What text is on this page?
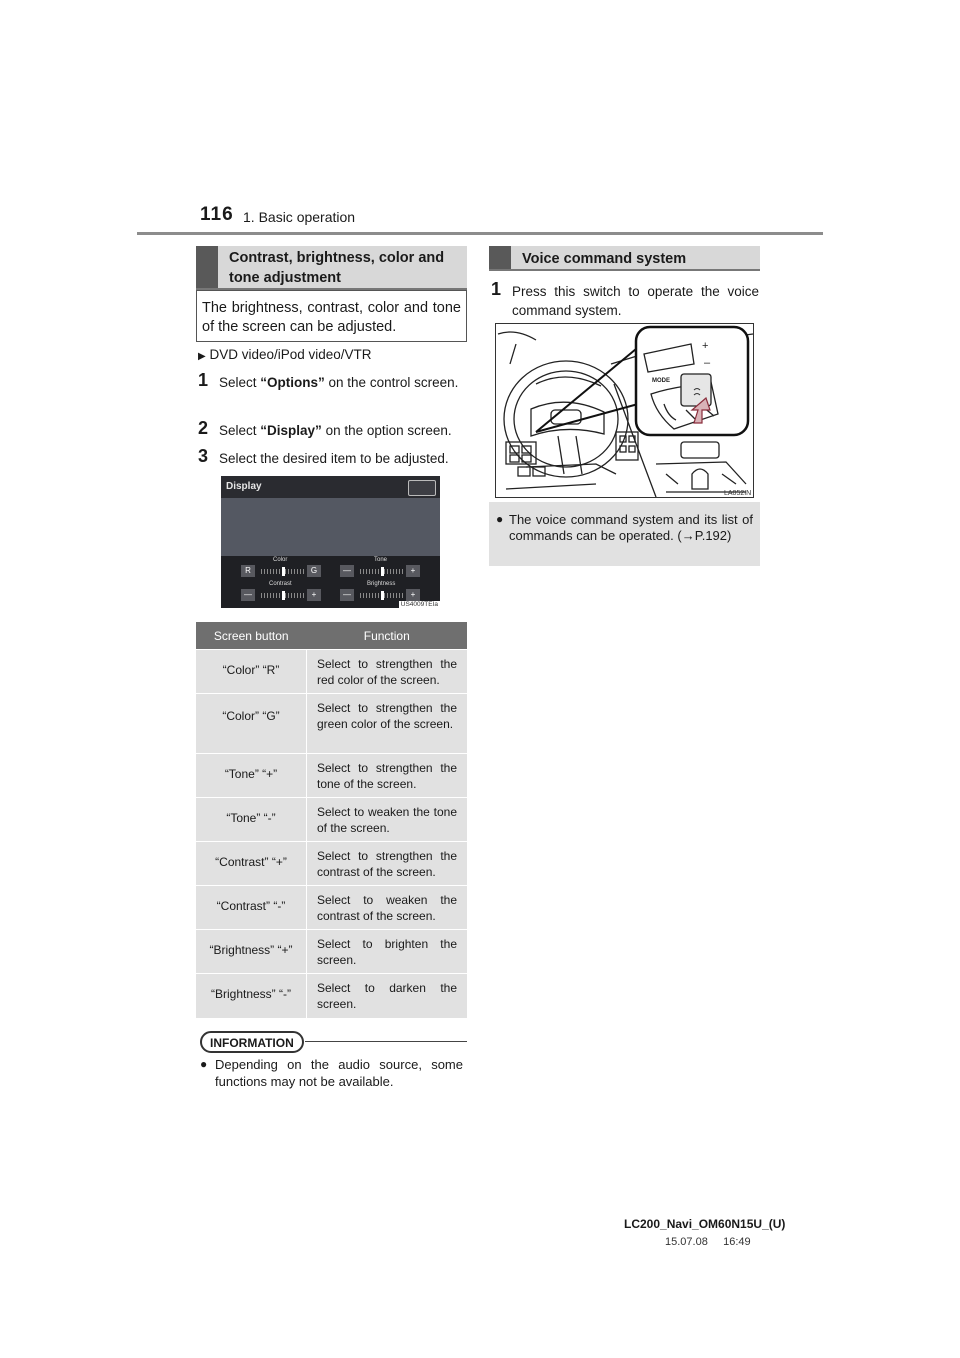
116 1. Basic operation
Contrast, brightness, color and tone adjustment
The brightness, contrast, color and tone of the screen can be adjusted.
▶ DVD video/iPod video/VTR
1 Select “Options” on the control screen.
2 Select “Display” on the option screen.
3 Select the desired item to be adjusted.
Display
Color	Tone
R	G	—	+
Contrast	Brightness
—	+	—	+
US4009TEIa
Screen button	Function
“Color” “R”	Select to strengthen the red color of the screen.
“Color” “G”	Select to strengthen the green color of the screen.
“Tone” “+”	Select to strengthen the tone of the screen.
“Tone” “-”	Select to weaken the tone of the screen.
“Contrast” “+”	Select to strengthen the contrast of the screen.
“Contrast” “-”	Select to weaken the contrast of the screen.
“Brightness” “+”	Select to brighten the screen.
“Brightness” “-”	Select to darken the screen.
INFORMATION
● Depending on the audio source, some functions may not be available.
Voice command system
1 Press this switch to operate the voice command system.
+
–
MODE
LA052IN
● The voice command system and its list of commands can be operated. (→P.192)
LC200_Navi_OM60N15U_(U)
15.07.08     16:49
